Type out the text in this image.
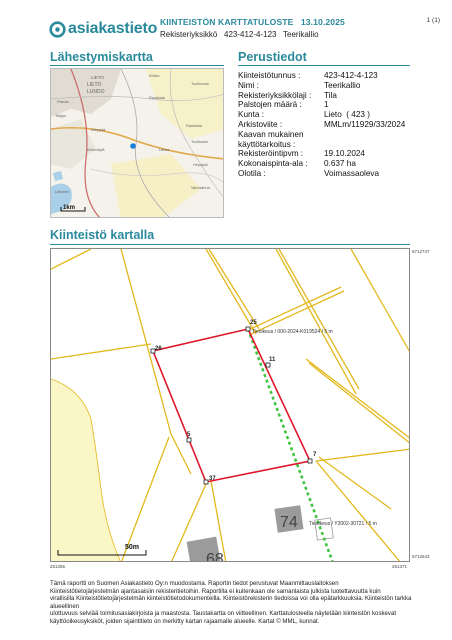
asiakastieto KIINTEISTÖN KARTTATULOSTE   13.10.2025
Rekisteriyksikkö   423-412-4-123   Teerikallio
1 (1)
Lähestymiskartta	Perustiedot
LIETO
LIETO
LUNDO
Kirkko
Tuulinmaa
Raukkala
Pakola
Talppu
Kärppää
Raukkala
Tuulikoski
Ukura
Kirkonkylä
Hepojoki
Littoinen
Vanhalinna
1km
Kiinteistötunnus :	423-412-4-123
Nimi :	Teerikallio
Rekisteriyksikkölaji :	Tila
Palstojen määrä :	1
Kunta :	Lieto  ( 423 )
Arkistoviite :	MMLm/11929/33/2024
Kaavan mukainen
käyttötarkoitus :
Rekisteröintipvm :	19.10.2024
Kokonaispinta-ala :	0.637 ha
Olotila :	Voimassaoleva
Kiinteistö kartalla
74
68
25
26
11
5
7
37
Tieoikeus / 000-2024-K019524 / 5 m
Tieoikeus / Y2002-30721 / 5 m
50m
6712747
6712643
251266	251371
Tämä raportti on Suomen Asiakastieto Oy:n muodostama. Raportin tiedot perustuvat Maanmittauslaitoksen
Kiinteistötietojärjestelmän ajantasaisiin rekisteritietoihin. Raportilla ei kuitenkaan ole samanlaista julkista luotettavuutta kuin
virallisilla Kiinteistötietojärjestelmän kiinteistötietodokumenteilla. Kiinteistörekisterin tiedoissa voi olla epätarkkuuksia. Kiinteistön tarkka alueellinen
ulottuvuus selviää toimitusasiakirjoista ja maastosta. Taustakartta on viitteellinen. Karttatulosteella näytetään kiinteistön koskevat
käyttöoikeusyksiköt, joiden sijaintitieto on merkitty kartan rajaamalle alueelle. Kartat © MML, kunnat.
